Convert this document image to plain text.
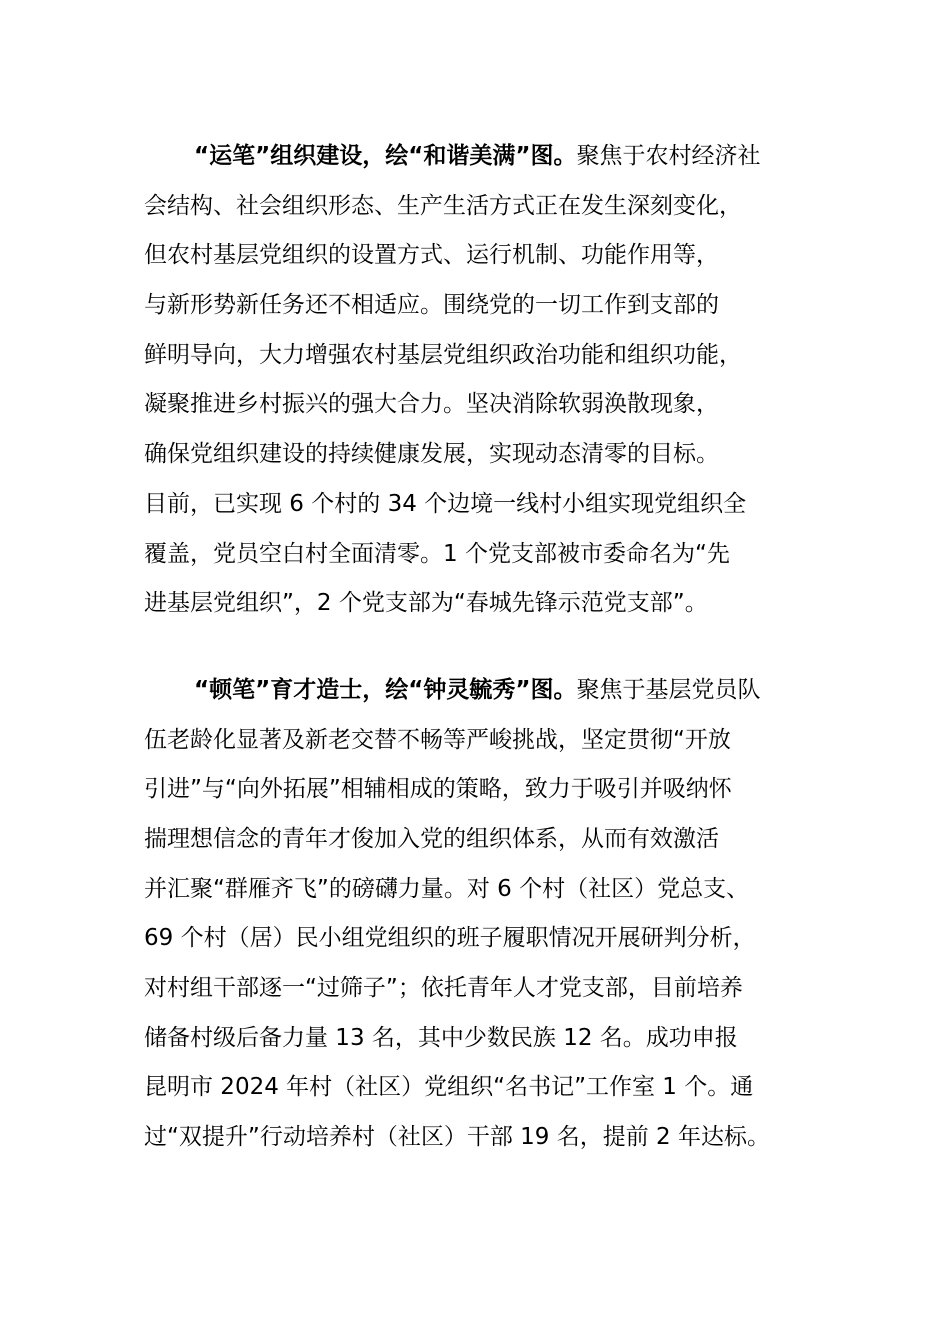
“运笔”组织建设，绘“和谐美满”图。聚焦于农村经济社
会结构、社会组织形态、生产生活方式正在发生深刻变化，
但农村基层党组织的设置方式、运行机制、功能作用等，
与新形势新任务还不相适应。围绕党的一切工作到支部的
鲜明导向，大力增强农村基层党组织政治功能和组织功能，
凝聚推进乡村振兴的强大合力。坚决消除软弱涣散现象，
确保党组织建设的持续健康发展，实现动态清零的目标。
目前，已实现 6 个村的 34 个边境一线村小组实现党组织全
覆盖，党员空白村全面清零。1 个党支部被市委命名为“先
进基层党组织”，2 个党支部为“春城先锋示范党支部”。
“顿笔”育才造士，绘“钟灵毓秀”图。聚焦于基层党员队
伍老龄化显著及新老交替不畅等严峻挑战，坚定贯彻“开放
引进”与“向外拓展”相辅相成的策略，致力于吸引并吸纳怀
揣理想信念的青年才俊加入党的组织体系，从而有效激活
并汇聚“群雁齐飞”的磅礴力量。对 6 个村（社区）党总支、
69 个村（居）民小组党组织的班子履职情况开展研判分析，
对村组干部逐一“过筛子”；依托青年人才党支部，目前培养
储备村级后备力量 13 名，其中少数民族 12 名。成功申报
昆明市 2024 年村（社区）党组织“名书记”工作室 1 个。通
过“双提升”行动培养村（社区）干部 19 名，提前 2 年达标。
